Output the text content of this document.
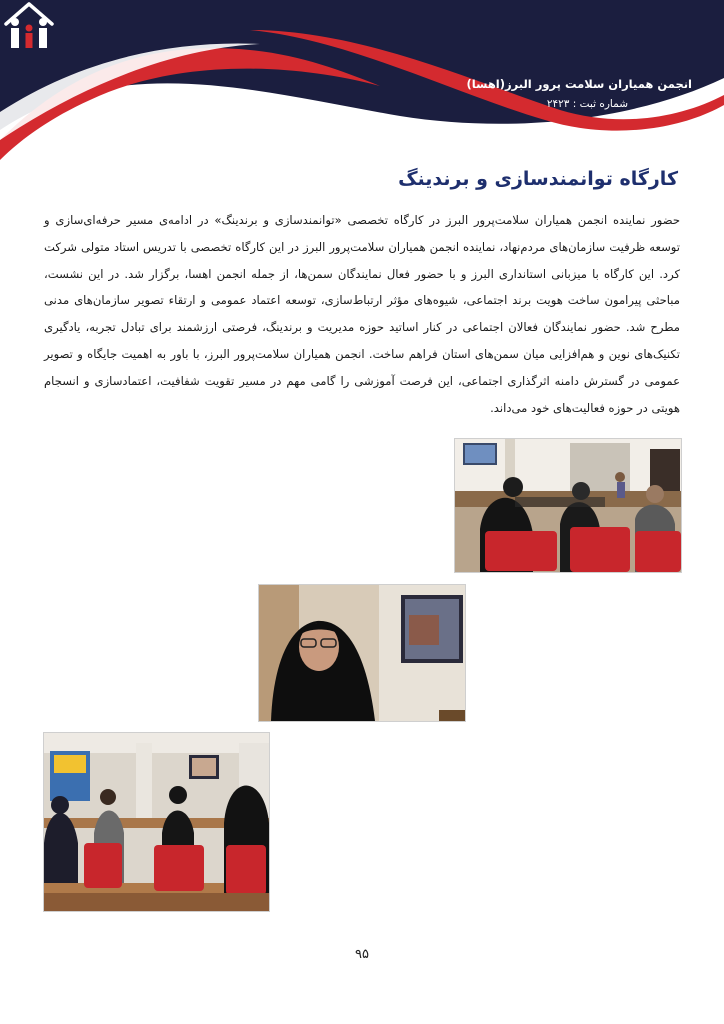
انجمن همیاران سلامت پرور البرز(اهسا)
شماره ثبت : ۲۴۲۳
کارگاه توانمندسازی و برندینگ
حضور نماینده انجمن همیاران سلامت‌پرور البرز در کارگاه تخصصی «توانمندسازی و برندینگ» در ادامه‌ی مسیر حرفه‌ای‌سازی و توسعه ظرفیت سازمان‌های مردم‌نهاد، نماینده انجمن همیاران سلامت‌پرور البرز در این کارگاه تخصصی با تدریس استاد متولی شرکت کرد. این کارگاه با میزبانی استانداری البرز و با حضور فعال نمایندگان سمن‌ها، از جمله انجمن اهسا، برگزار شد. در این نشست، مباحثی پیرامون ساخت هویت برند اجتماعی، شیوه‌های مؤثر ارتباط‌سازی، توسعه اعتماد عمومی و ارتقاء تصویر سازمان‌های مدنی مطرح شد. حضور نمایندگان فعالان اجتماعی در کنار اساتید حوزه مدیریت و برندینگ، فرصتی ارزشمند برای تبادل تجربه، یادگیری تکنیک‌های نوین و هم‌افزایی میان سمن‌های استان فراهم ساخت. انجمن همیاران سلامت‌پرور البرز، با باور به اهمیت جایگاه و تصویر عمومی در گسترش دامنه اثرگذاری اجتماعی، این فرصت آموزشی را گامی مهم در مسیر تقویت شفافیت، اعتمادسازی و انسجام هویتی در حوزه فعالیت‌های خود می‌داند.
۹۵
